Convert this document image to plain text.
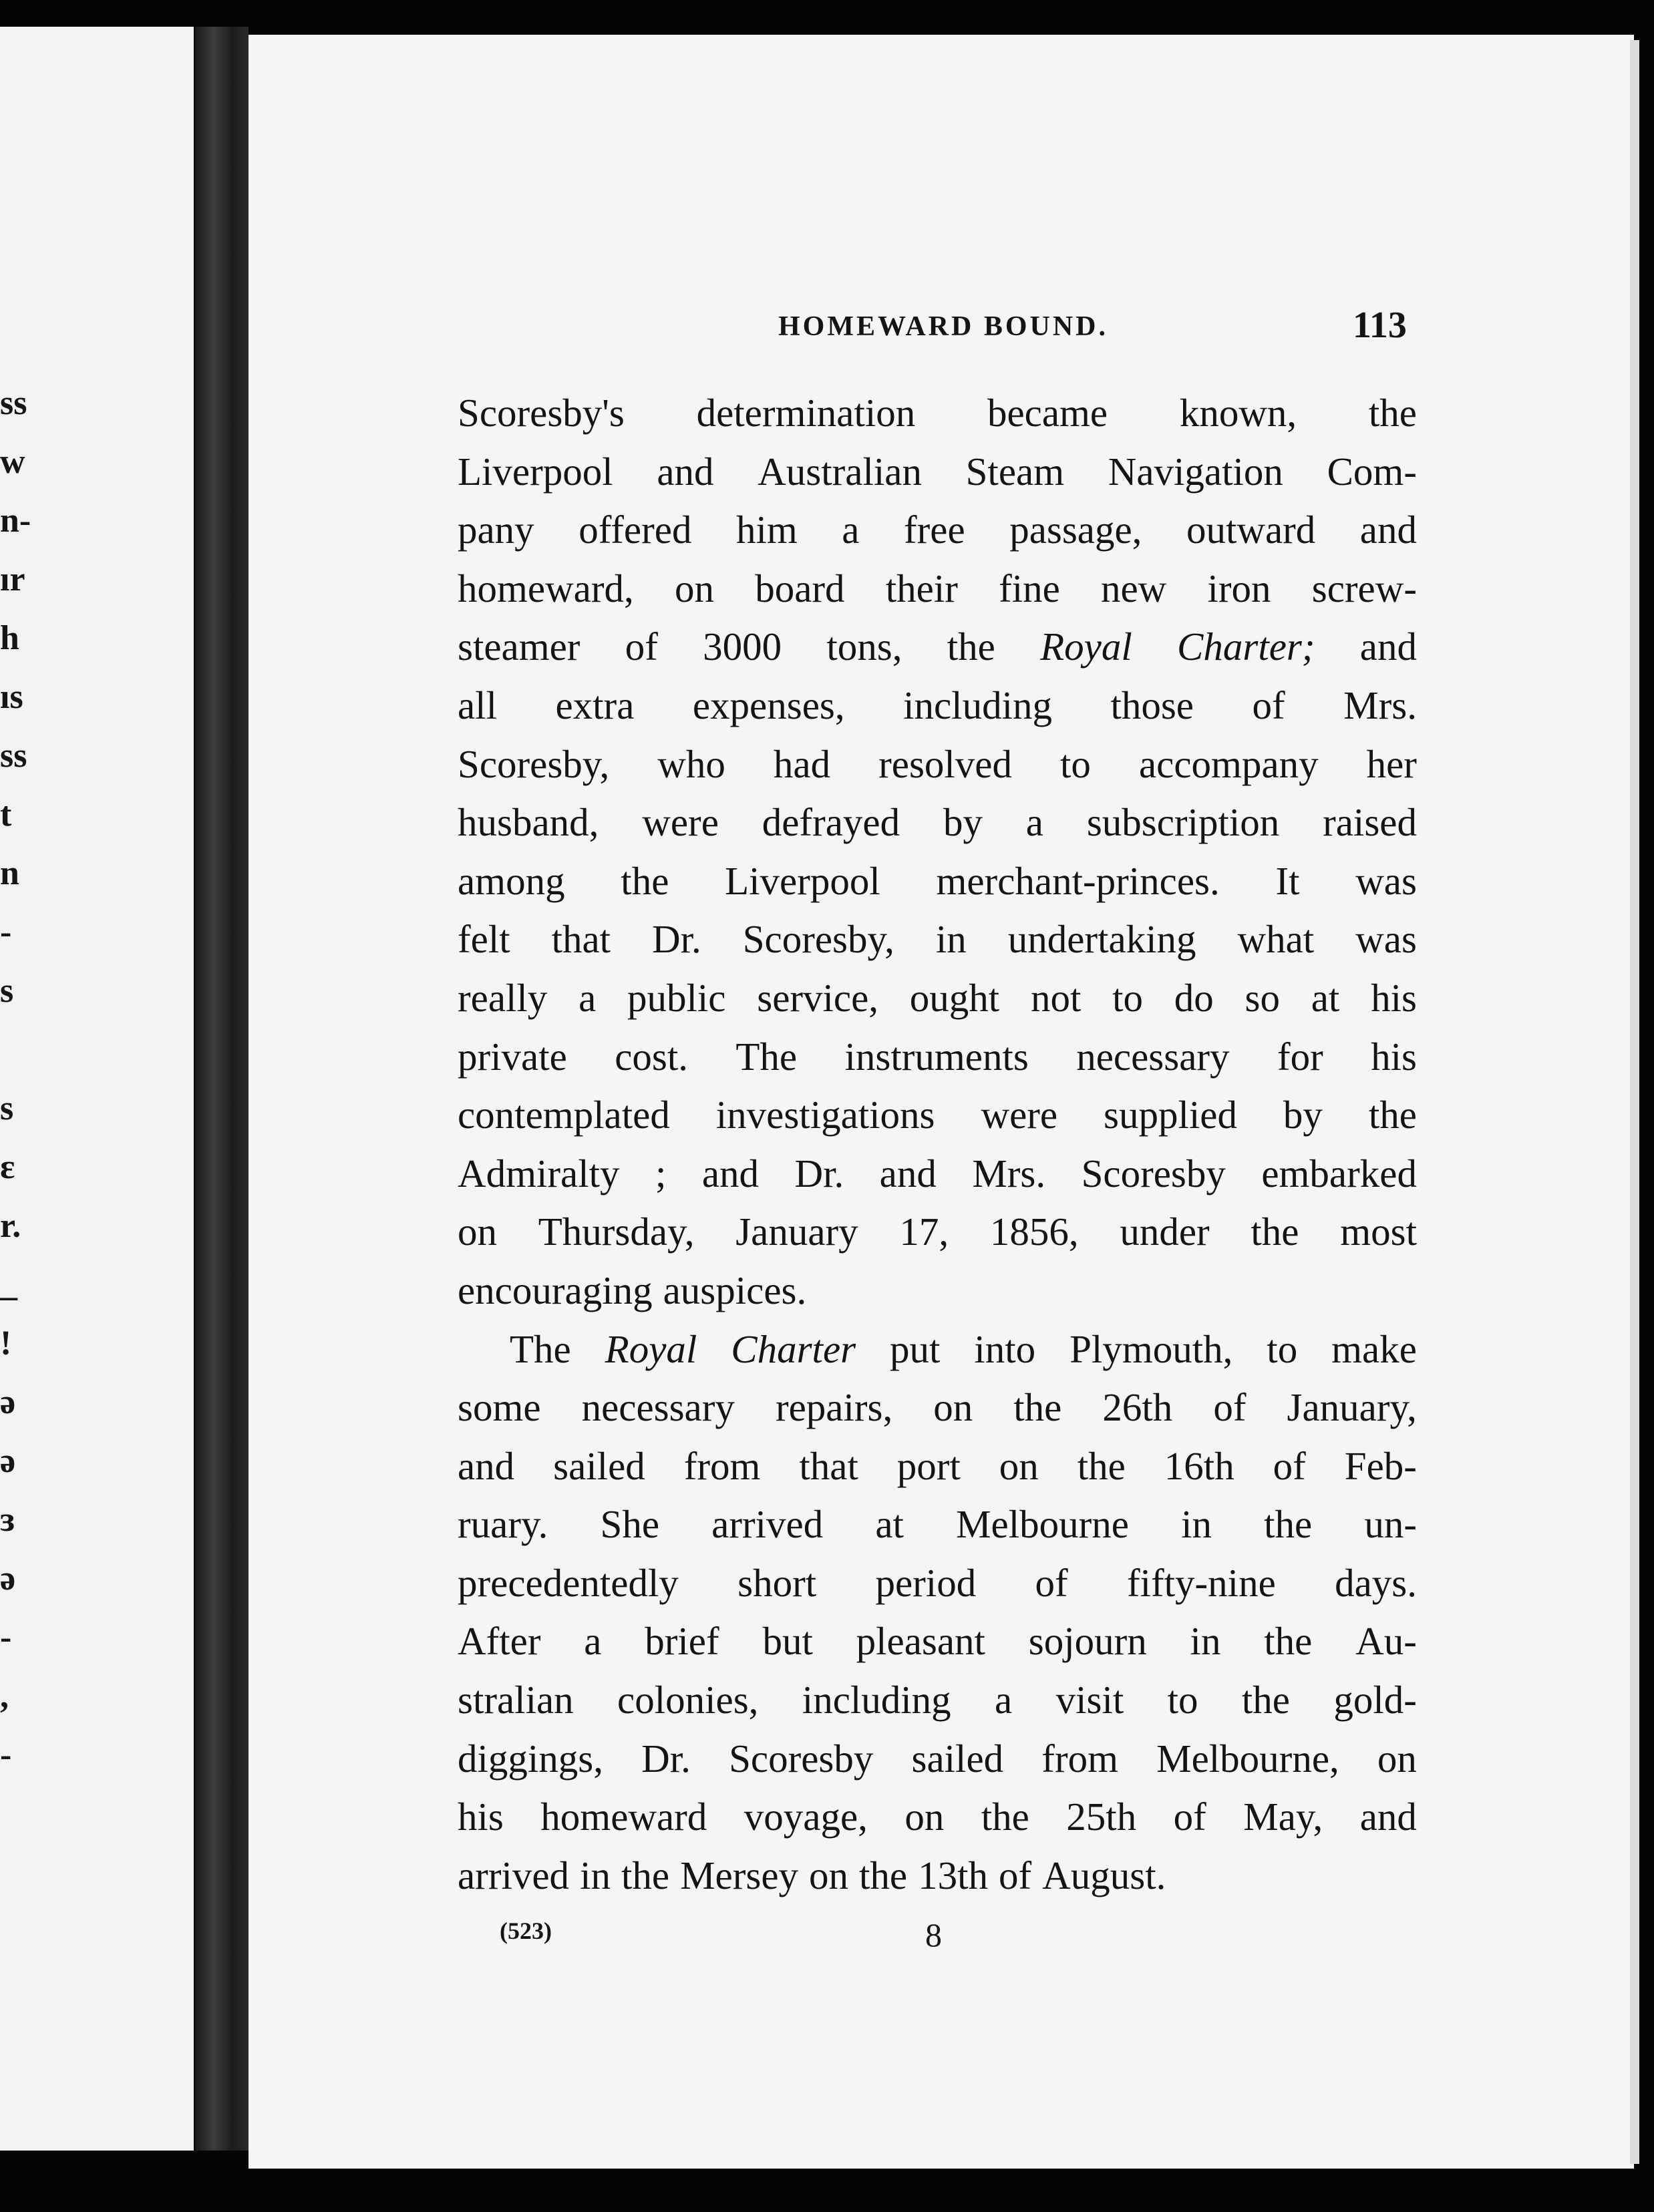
ss
w
n-
ır
h
ıs
ss
t
n
-
s
s
ɛ
r.
_
!
ə
ə
ɜ
ə
-
,
-
HOMEWARD BOUND.	113
Scoresby's determination became known, the
Liverpool and Australian Steam Navigation Com-
pany offered him a free passage, outward and
homeward, on board their fine new iron screw-
steamer of 3000 tons, the Royal Charter; and
all extra expenses, including those of Mrs.
Scoresby, who had resolved to accompany her
husband, were defrayed by a subscription raised
among the Liverpool merchant-princes. It was
felt that Dr. Scoresby, in undertaking what was
really a public service, ought not to do so at his
private cost. The instruments necessary for his
contemplated investigations were supplied by the
Admiralty ; and Dr. and Mrs. Scoresby embarked
on Thursday, January 17, 1856, under the most
encouraging auspices.
The Royal Charter put into Plymouth, to make
some necessary repairs, on the 26th of January,
and sailed from that port on the 16th of Feb-
ruary. She arrived at Melbourne in the un-
precedentedly short period of fifty-nine days.
After a brief but pleasant sojourn in the Au-
stralian colonies, including a visit to the gold-
diggings, Dr. Scoresby sailed from Melbourne, on
his homeward voyage, on the 25th of May, and
arrived in the Mersey on the 13th of August.
(523)	8
